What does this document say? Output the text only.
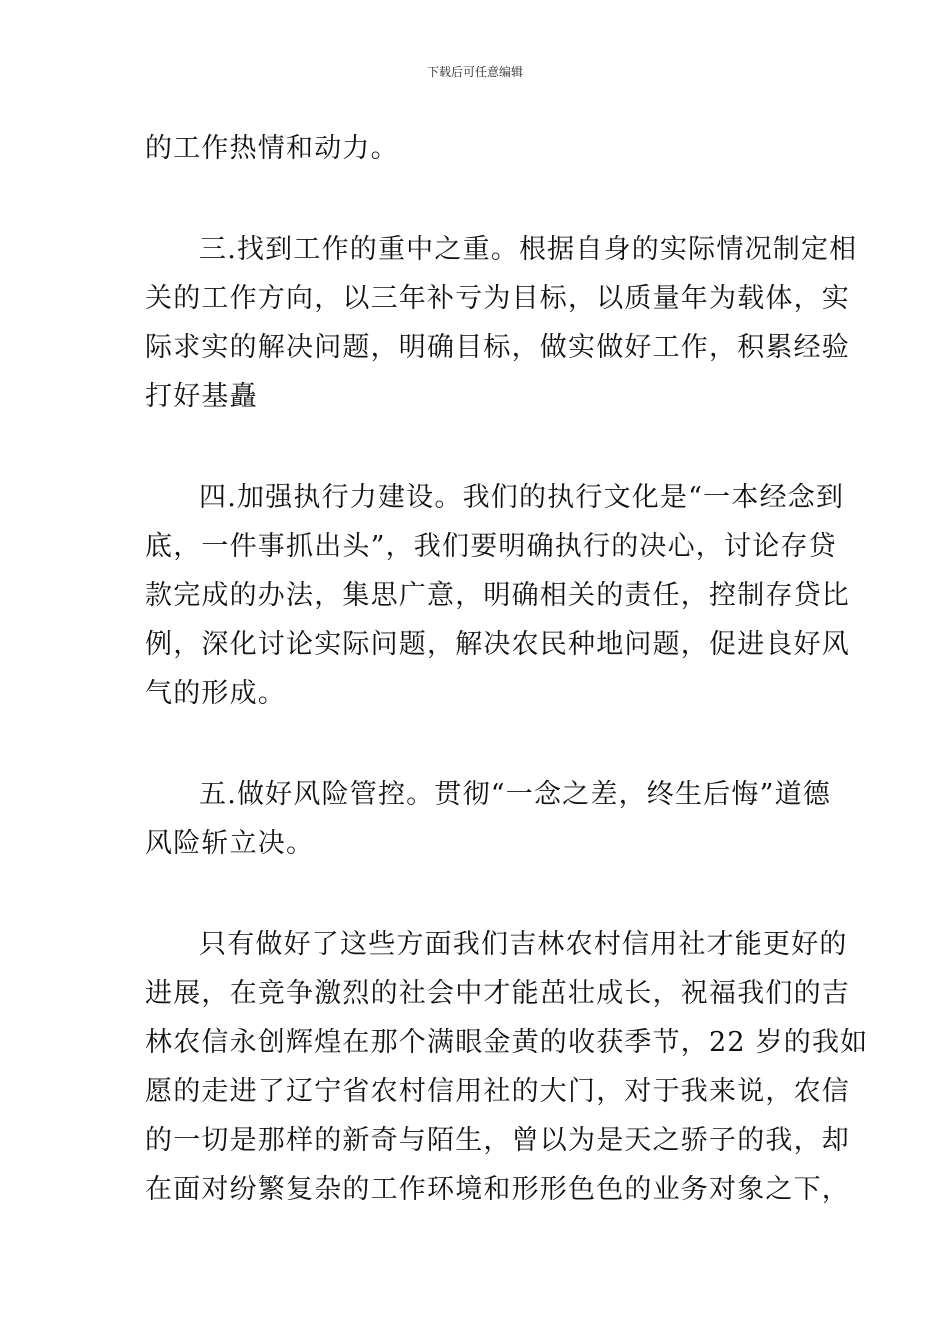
下载后可任意编辑
的工作热情和动力。
三.找到工作的重中之重。根据自身的实际情况制定相
关的工作方向，以三年补亏为目标，以质量年为载体，实
际求实的解决问题，明确目标，做实做好工作，积累经验
打好基矗
四.加强执行力建设。我们的执行文化是“一本经念到
底，一件事抓出头”，我们要明确执行的决心，讨论存贷
款完成的办法，集思广意，明确相关的责任，控制存贷比
例，深化讨论实际问题，解决农民种地问题，促进良好风
气的形成。
五.做好风险管控。贯彻“一念之差，终生后悔”道德
风险斩立决。
只有做好了这些方面我们吉林农村信用社才能更好的
进展，在竞争激烈的社会中才能茁壮成长，祝福我们的吉
林农信永创辉煌在那个满眼金黄的收获季节，22 岁的我如
愿的走进了辽宁省农村信用社的大门，对于我来说，农信
的一切是那样的新奇与陌生，曾以为是天之骄子的我，却
在面对纷繁复杂的工作环境和形形色色的业务对象之下，
